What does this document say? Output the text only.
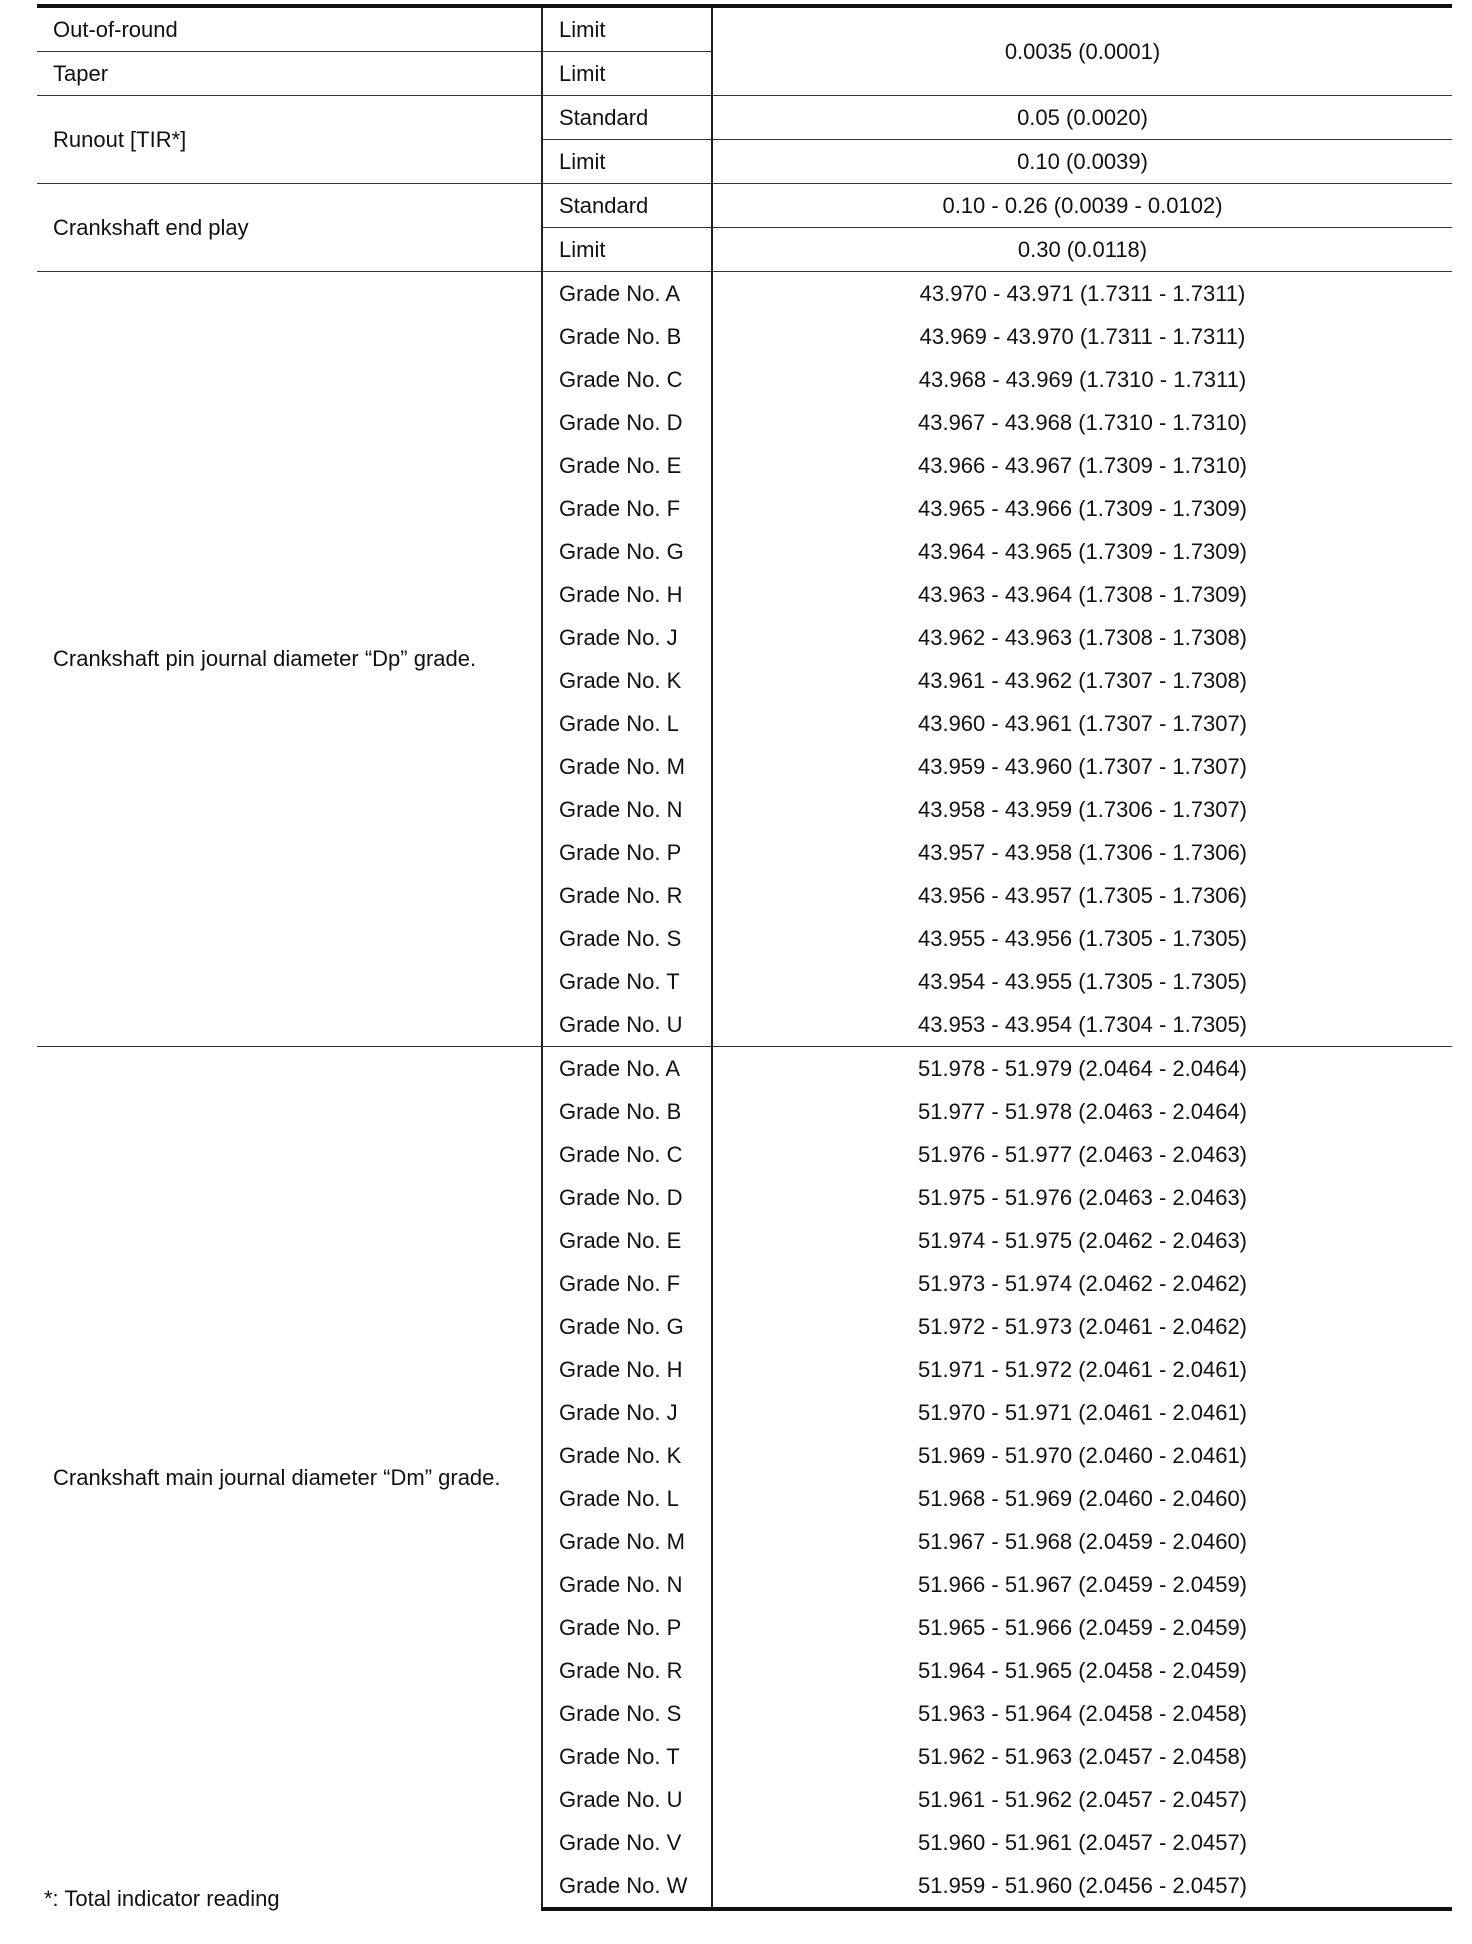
Out-of-round	Limit	0.0035 (0.0001)
Taper	Limit	
Runout [TIR*]	Standard	0.05 (0.0020)
	Limit	0.10 (0.0039)
Crankshaft end play	Standard	0.10 - 0.26 (0.0039 - 0.0102)
	Limit	0.30 (0.0118)
Crankshaft pin journal diameter “Dp” grade.	Grade No. A	43.970 - 43.971 (1.7311 - 1.7311)
	Grade No. B	43.969 - 43.970 (1.7311 - 1.7311)
	Grade No. C	43.968 - 43.969 (1.7310 - 1.7311)
	Grade No. D	43.967 - 43.968 (1.7310 - 1.7310)
	Grade No. E	43.966 - 43.967 (1.7309 - 1.7310)
	Grade No. F	43.965 - 43.966 (1.7309 - 1.7309)
	Grade No. G	43.964 - 43.965 (1.7309 - 1.7309)
	Grade No. H	43.963 - 43.964 (1.7308 - 1.7309)
	Grade No. J	43.962 - 43.963 (1.7308 - 1.7308)
	Grade No. K	43.961 - 43.962 (1.7307 - 1.7308)
	Grade No. L	43.960 - 43.961 (1.7307 - 1.7307)
	Grade No. M	43.959 - 43.960 (1.7307 - 1.7307)
	Grade No. N	43.958 - 43.959 (1.7306 - 1.7307)
	Grade No. P	43.957 - 43.958 (1.7306 - 1.7306)
	Grade No. R	43.956 - 43.957 (1.7305 - 1.7306)
	Grade No. S	43.955 - 43.956 (1.7305 - 1.7305)
	Grade No. T	43.954 - 43.955 (1.7305 - 1.7305)
	Grade No. U	43.953 - 43.954 (1.7304 - 1.7305)
Crankshaft main journal diameter “Dm” grade.	Grade No. A	51.978 - 51.979 (2.0464 - 2.0464)
	Grade No. B	51.977 - 51.978 (2.0463 - 2.0464)
	Grade No. C	51.976 - 51.977 (2.0463 - 2.0463)
	Grade No. D	51.975 - 51.976 (2.0463 - 2.0463)
	Grade No. E	51.974 - 51.975 (2.0462 - 2.0463)
	Grade No. F	51.973 - 51.974 (2.0462 - 2.0462)
	Grade No. G	51.972 - 51.973 (2.0461 - 2.0462)
	Grade No. H	51.971 - 51.972 (2.0461 - 2.0461)
	Grade No. J	51.970 - 51.971 (2.0461 - 2.0461)
	Grade No. K	51.969 - 51.970 (2.0460 - 2.0461)
	Grade No. L	51.968 - 51.969 (2.0460 - 2.0460)
	Grade No. M	51.967 - 51.968 (2.0459 - 2.0460)
	Grade No. N	51.966 - 51.967 (2.0459 - 2.0459)
	Grade No. P	51.965 - 51.966 (2.0459 - 2.0459)
	Grade No. R	51.964 - 51.965 (2.0458 - 2.0459)
	Grade No. S	51.963 - 51.964 (2.0458 - 2.0458)
	Grade No. T	51.962 - 51.963 (2.0457 - 2.0458)
	Grade No. U	51.961 - 51.962 (2.0457 - 2.0457)
	Grade No. V	51.960 - 51.961 (2.0457 - 2.0457)
	Grade No. W	51.959 - 51.960 (2.0456 - 2.0457)
*: Total indicator reading
